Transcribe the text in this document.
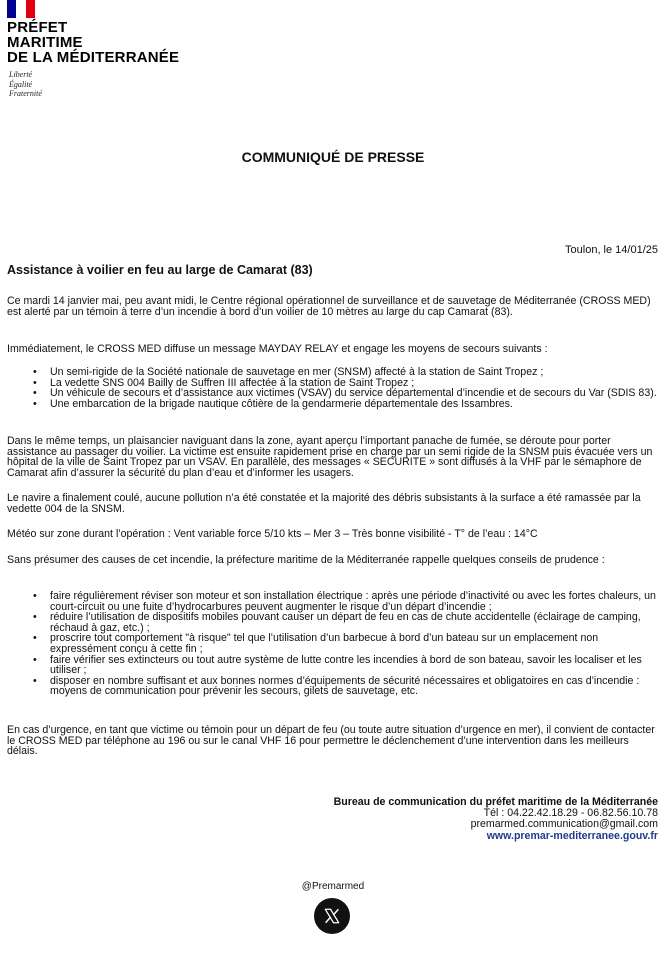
PRÉFET
MARITIME
DE LA MÉDITERRANÉE
Liberté
Égalité
Fraternité
COMMUNIQUÉ DE PRESSE
Toulon, le 14/01/25
Assistance à voilier en feu au large de Camarat (83)

Ce mardi 14 janvier mai, peu avant midi, le Centre régional opérationnel de surveillance et de sauvetage de Méditerranée (CROSS MED) est alerté par un témoin à terre d’un incendie à bord d’un voilier de 10 mètres au large du cap Camarat (83).

Immédiatement, le CROSS MED diffuse un message MAYDAY RELAY et engage les moyens de secours suivants :

• Un semi-rigide de la Société nationale de sauvetage en mer (SNSM) affecté à la station de Saint Tropez ;
• La vedette SNS 004 Bailly de Suffren III affectée à la station de Saint Tropez ;
• Un véhicule de secours et d’assistance aux victimes (VSAV) du service départemental d’incendie et de secours du Var (SDIS 83).
• Une embarcation de la brigade nautique côtière de la gendarmerie départementale des Issambres.

Dans le même temps, un plaisancier naviguant dans la zone, ayant aperçu l’important panache de fumée, se déroute pour porter assistance au passager du voilier. La victime est ensuite rapidement prise en charge par un semi rigide de la SNSM puis évacuée vers un hôpital de la ville de Saint Tropez par un VSAV. En parallèle, des messages « SECURITE » sont diffusés à la VHF par le sémaphore de Camarat afin d’assurer la sécurité du plan d’eau et d’informer les usagers.

Le navire a finalement coulé, aucune pollution n’a été constatée et la majorité des débris subsistants à la surface a été ramassée par la vedette 004 de la SNSM.

Météo sur zone durant l’opération : Vent variable force 5/10 kts – Mer 3 – Très bonne visibilité - T° de l’eau : 14°C

Sans présumer des causes de cet incendie, la préfecture maritime de la Méditerranée rappelle quelques conseils de prudence :

• faire régulièrement réviser son moteur et son installation électrique : après une période d’inactivité ou avec les fortes chaleurs, un court-circuit ou une fuite d’hydrocarbures peuvent augmenter le risque d’un départ d’incendie ;
• réduire l’utilisation de dispositifs mobiles pouvant causer un départ de feu en cas de chute accidentelle (éclairage de camping, réchaud à gaz, etc.) ;
• proscrire tout comportement "à risque" tel que l’utilisation d’un barbecue à bord d’un bateau sur un emplacement non expressément conçu à cette fin ;
• faire vérifier ses extincteurs ou tout autre système de lutte contre les incendies à bord de son bateau, savoir les localiser et les utiliser ;
• disposer en nombre suffisant et aux bonnes normes d’équipements de sécurité nécessaires et obligatoires en cas d’incendie : moyens de communication pour prévenir les secours, gilets de sauvetage, etc.

En cas d’urgence, en tant que victime ou témoin pour un départ de feu (ou toute autre situation d’urgence en mer), il convient de contacter le CROSS MED par téléphone au 196 ou sur le canal VHF 16 pour permettre le déclenchement d’une intervention dans les meilleurs délais.

Bureau de communication du préfet maritime de la Méditerranée
Tél : 04.22.42.18.29 - 06.82.56.10.78
premarmed.communication@gmail.com
www.premar-mediterranee.gouv.fr
@Premarmed
